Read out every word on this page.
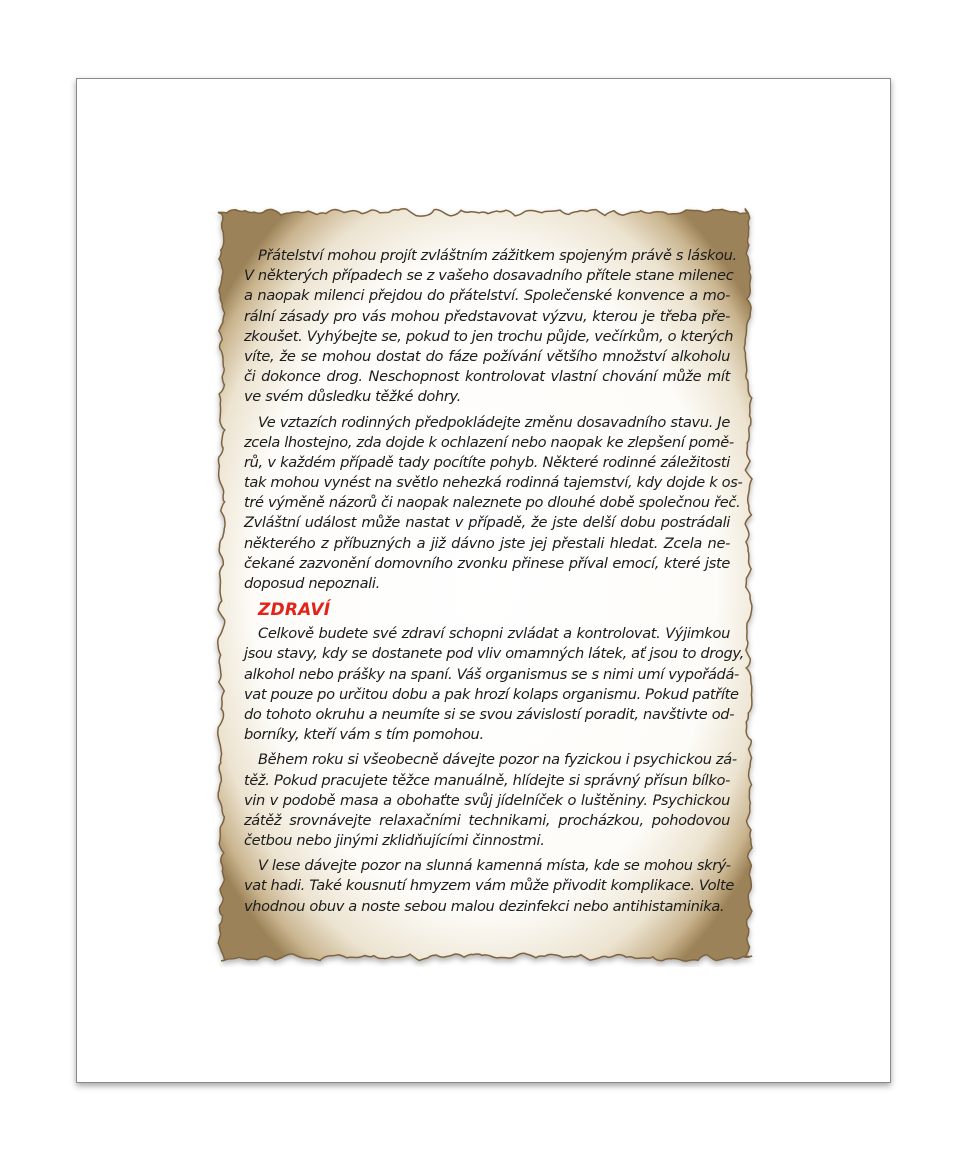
Přátelství mohou projít zvláštním zážitkem spojeným právě s láskou.
V některých případech se z vašeho dosavadního přítele stane milenec
a naopak milenci přejdou do přátelství. Společenské konvence a mo-
rální zásady pro vás mohou představovat výzvu, kterou je třeba pře-
zkoušet. Vyhýbejte se, pokud to jen trochu půjde, večírkům, o kterých
víte, že se mohou dostat do fáze požívání většího množství alkoholu
či dokonce drog. Neschopnost kontrolovat vlastní chování může mít
ve svém důsledku těžké dohry.
Ve vztazích rodinných předpokládejte změnu dosavadního stavu. Je
zcela lhostejno, zda dojde k ochlazení nebo naopak ke zlepšení pomě-
rů, v každém případě tady pocítíte pohyb. Některé rodinné záležitosti
tak mohou vynést na světlo nehezká rodinná tajemství, kdy dojde k os-
tré výměně názorů či naopak naleznete po dlouhé době společnou řeč.
Zvláštní událost může nastat v případě, že jste delší dobu postrádali
některého z příbuzných a již dávno jste jej přestali hledat. Zcela ne-
čekané zazvonění domovního zvonku přinese příval emocí, které jste
doposud nepoznali.
ZDRAVÍ
Celkově budete své zdraví schopni zvládat a kontrolovat. Výjimkou
jsou stavy, kdy se dostanete pod vliv omamných látek, ať jsou to drogy,
alkohol nebo prášky na spaní. Váš organismus se s nimi umí vypořádá-
vat pouze po určitou dobu a pak hrozí kolaps organismu. Pokud patříte
do tohoto okruhu a neumíte si se svou závislostí poradit, navštivte od-
borníky, kteří vám s tím pomohou.
Během roku si všeobecně dávejte pozor na fyzickou i psychickou zá-
těž. Pokud pracujete těžce manuálně, hlídejte si správný přísun bílko-
vin v podobě masa a obohaťte svůj jídelníček o luštěniny. Psychickou
zátěž srovnávejte relaxačními technikami, procházkou, pohodovou
četbou nebo jinými zklidňujícími činnostmi.
V lese dávejte pozor na slunná kamenná místa, kde se mohou skrý-
vat hadi. Také kousnutí hmyzem vám může přivodit komplikace. Volte
vhodnou obuv a noste sebou malou dezinfekci nebo antihistaminika.
